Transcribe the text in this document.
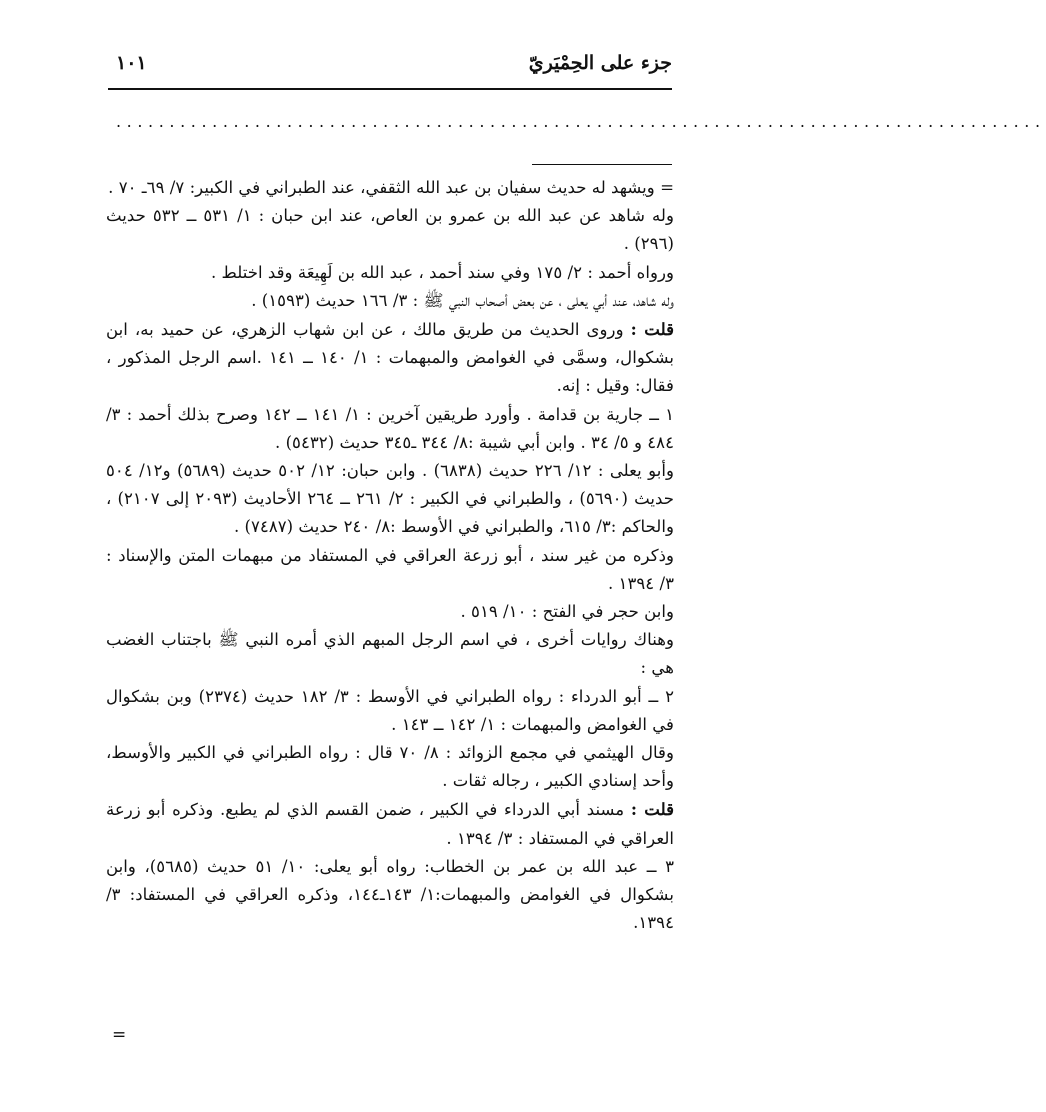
جزء على الحِمْيَريّ
١٠١
.......................................................................................

= ويشهد له حديث سفيان بن عبد الله الثقفي، عند الطبراني في الكبير: ٧/ ٦٩ـ ٧٠ .

وله شاهد عن عبد الله بن عمرو بن العاص، عند ابن حبان : ١/ ٥٣١ ــ ٥٣٢ حديث (٢٩٦) .

ورواه أحمد : ٢/ ١٧٥ وفي سند أحمد ، عبد الله بن لَهِيعَة وقد اختلط .

وله شاهد، عند أبي يعلى ، عن بعض أصحاب النبي ﷺ : ٣/ ١٦٦ حديث (١٥٩٣) .

قلت : وروى الحديث من طريق مالك ، عن ابن شهاب الزهري، عن حميد به، ابن بشكوال، وسمَّى في الغوامض والمبهمات : ١/ ١٤٠ ــ ١٤١ .اسم الرجل المذكور ، فقال: وقيل : إنه.

١ ــ جارية بن قدامة . وأورد طريقين آخرين : ١/ ١٤١ ــ ١٤٢ وصرح بذلك أحمد : ٣/ ٤٨٤ و ٥/ ٣٤ . وابن أبي شيبة :٨/ ٣٤٤ ـ٣٤٥ حديث (٥٤٣٢) .

وأبو يعلى : ١٢/ ٢٢٦ حديث (٦٨٣٨) . وابن حبان: ١٢/ ٥٠٢ حديث (٥٦٨٩) و١٢/ ٥٠٤ حديث (٥٦٩٠) ، والطبراني في الكبير : ٢/ ٢٦١ ــ ٢٦٤ الأحاديث (٢٠٩٣ إلى ٢١٠٧) ، والحاكم :٣/ ٦١٥، والطبراني في الأوسط :٨/ ٢٤٠ حديث (٧٤٨٧) .

وذكره من غير سند ، أبو زرعة العراقي في المستفاد من مبهمات المتن والإسناد : ٣/ ١٣٩٤ .

وابن حجر في الفتح : ١٠/ ٥١٩ .

وهناك روايات أخرى ، في اسم الرجل المبهم الذي أمره النبي ﷺ باجتناب الغضب هي :

٢ ــ أبو الدرداء : رواه الطبراني في الأوسط : ٣/ ١٨٢ حديث (٢٣٧٤) وبن بشكوال في الغوامض والمبهمات : ١/ ١٤٢ ــ ١٤٣ .

وقال الهيثمي في مجمع الزوائد : ٨/ ٧٠ قال : رواه الطبراني في الكبير والأوسط، وأحد إسنادي الكبير ، رجاله ثقات .

قلت : مسند أبي الدرداء في الكبير ، ضمن القسم الذي لم يطبع. وذكره أبو زرعة العراقي في المستفاد : ٣/ ١٣٩٤ .

٣ ــ عبد الله بن عمر بن الخطاب: رواه أبو يعلى: ١٠/ ٥١ حديث (٥٦٨٥)، وابن بشكوال في الغوامض والمبهمات:١/ ١٤٣ـ١٤٤، وذكره العراقي في المستفاد: ٣/ ١٣٩٤.

=
